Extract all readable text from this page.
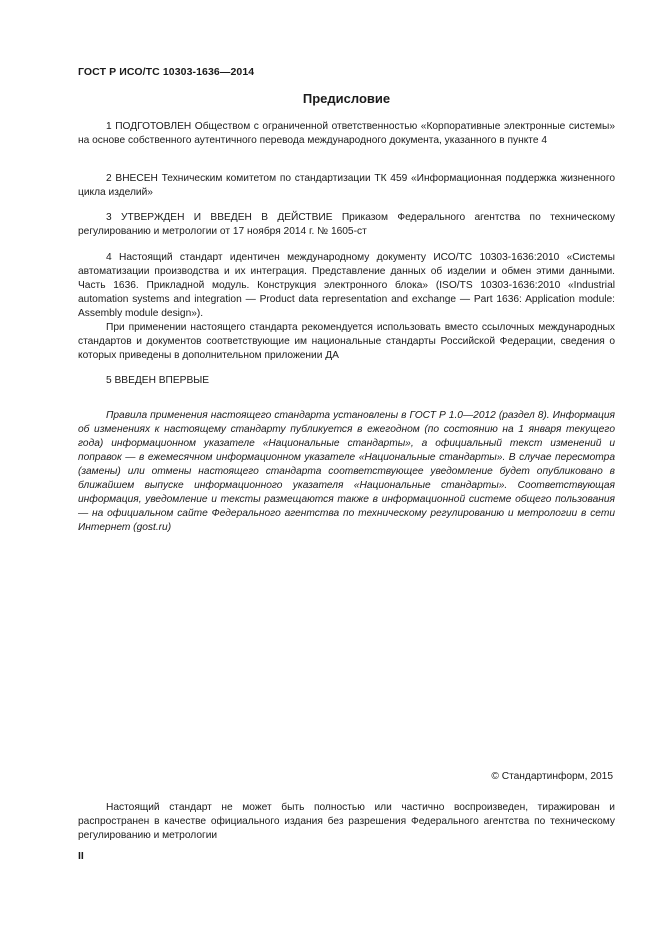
ГОСТ Р ИСО/ТС 10303-1636—2014
Предисловие

1 ПОДГОТОВЛЕН Обществом с ограниченной ответственностью «Корпоративные электронные системы» на основе собственного аутентичного перевода международного документа, указанного в пункте 4

2 ВНЕСЕН Техническим комитетом по стандартизации ТК 459 «Информационная поддержка жизненного цикла изделий»

3 УТВЕРЖДЕН И ВВЕДЕН В ДЕЙСТВИЕ Приказом Федерального агентства по техническому регулированию и метрологии от 17 ноября 2014 г. № 1605-ст

4 Настоящий стандарт идентичен международному документу ИСО/ТС 10303-1636:2010 «Системы автоматизации производства и их интеграция. Представление данных об изделии и обмен этими данными. Часть 1636. Прикладной модуль. Конструкция электронного блока» (ISO/TS 10303-1636:2010 «Industrial automation systems and integration — Product data representation and exchange — Part 1636: Application module: Assembly module design»).

При применении настоящего стандарта рекомендуется использовать вместо ссылочных международных стандартов и документов соответствующие им национальные стандарты Российской Федерации, сведения о которых приведены в дополнительном приложении ДА

5 ВВЕДЕН ВПЕРВЫЕ

Правила применения настоящего стандарта установлены в ГОСТ Р 1.0—2012 (раздел 8). Информация об изменениях к настоящему стандарту публикуется в ежегодном (по состоянию на 1 января текущего года) информационном указателе «Национальные стандарты», а официальный текст изменений и поправок — в ежемесячном информационном указателе «Национальные стандарты». В случае пересмотра (замены) или отмены настоящего стандарта соответствующее уведомление будет опубликовано в ближайшем выпуске информационного указателя «Национальные стандарты». Соответствующая информация, уведомление и тексты размещаются также в информационной системе общего пользования — на официальном сайте Федерального агентства по техническому регулированию и метрологии в сети Интернет (gost.ru)

© Стандартинформ, 2015

Настоящий стандарт не может быть полностью или частично воспроизведен, тиражирован и распространен в качестве официального издания без разрешения Федерального агентства по техническому регулированию и метрологии

II
